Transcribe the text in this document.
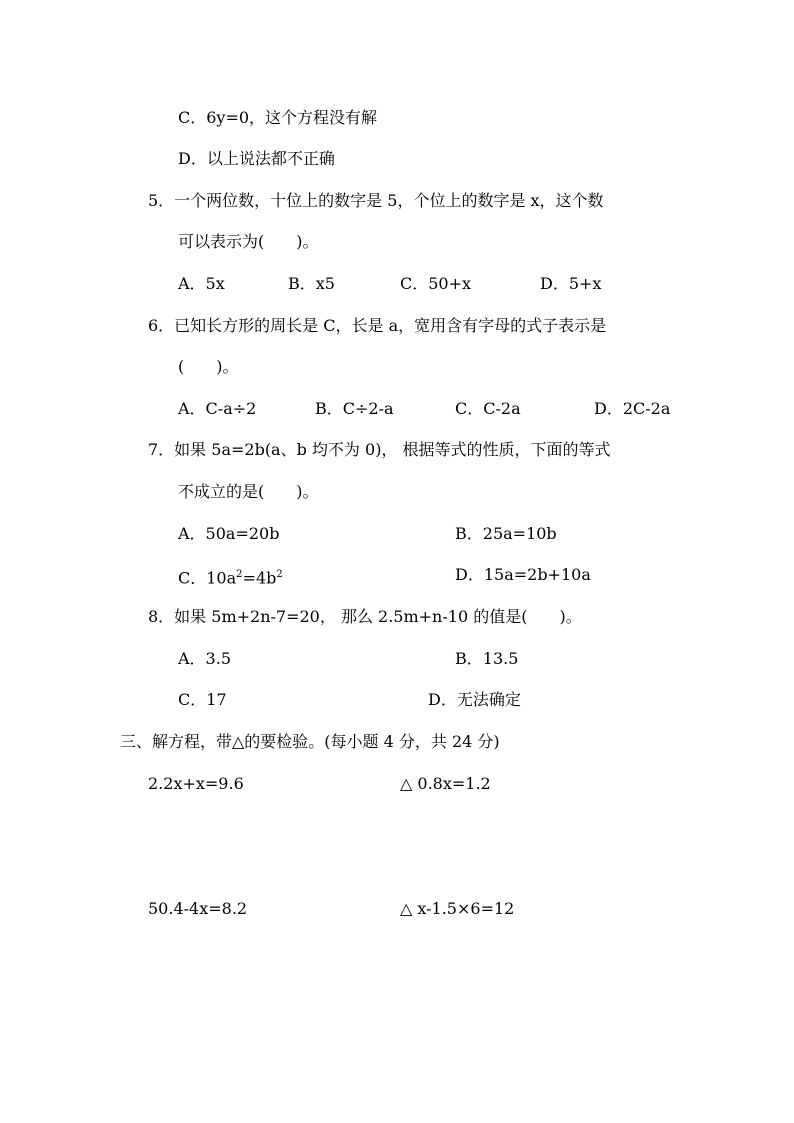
C．6y=0，这个方程没有解
D．以上说法都不正确
5．一个两位数，十位上的数字是 5，个位上的数字是 x，这个数
可以表示为(　　)。
A．5x	B．x5	C．50+x	D．5+x
6．已知长方形的周长是 C，长是 a，宽用含有字母的式子表示是
(　　)。
A．C-a÷2	B．C÷2-a	C．C-2a	D．2C-2a
7．如果 5a=2b(a、b 均不为 0)， 根据等式的性质，下面的等式
不成立的是(　　)。
A．50a=20b	B．25a=10b
C．$10a^2=4b^2$	D．15a=2b+10a
8．如果 5m+2n-7=20， 那么 2.5m+n-10 的值是(　　)。
A．3.5	B．13.5
C．17	D．无法确定
三、解方程，带△的要检验。(每小题 4 分，共 24 分)
2.2x+x=9.6	△ 0.8x=1.2
50.4-4x=8.2	△ x-1.5×6=12
